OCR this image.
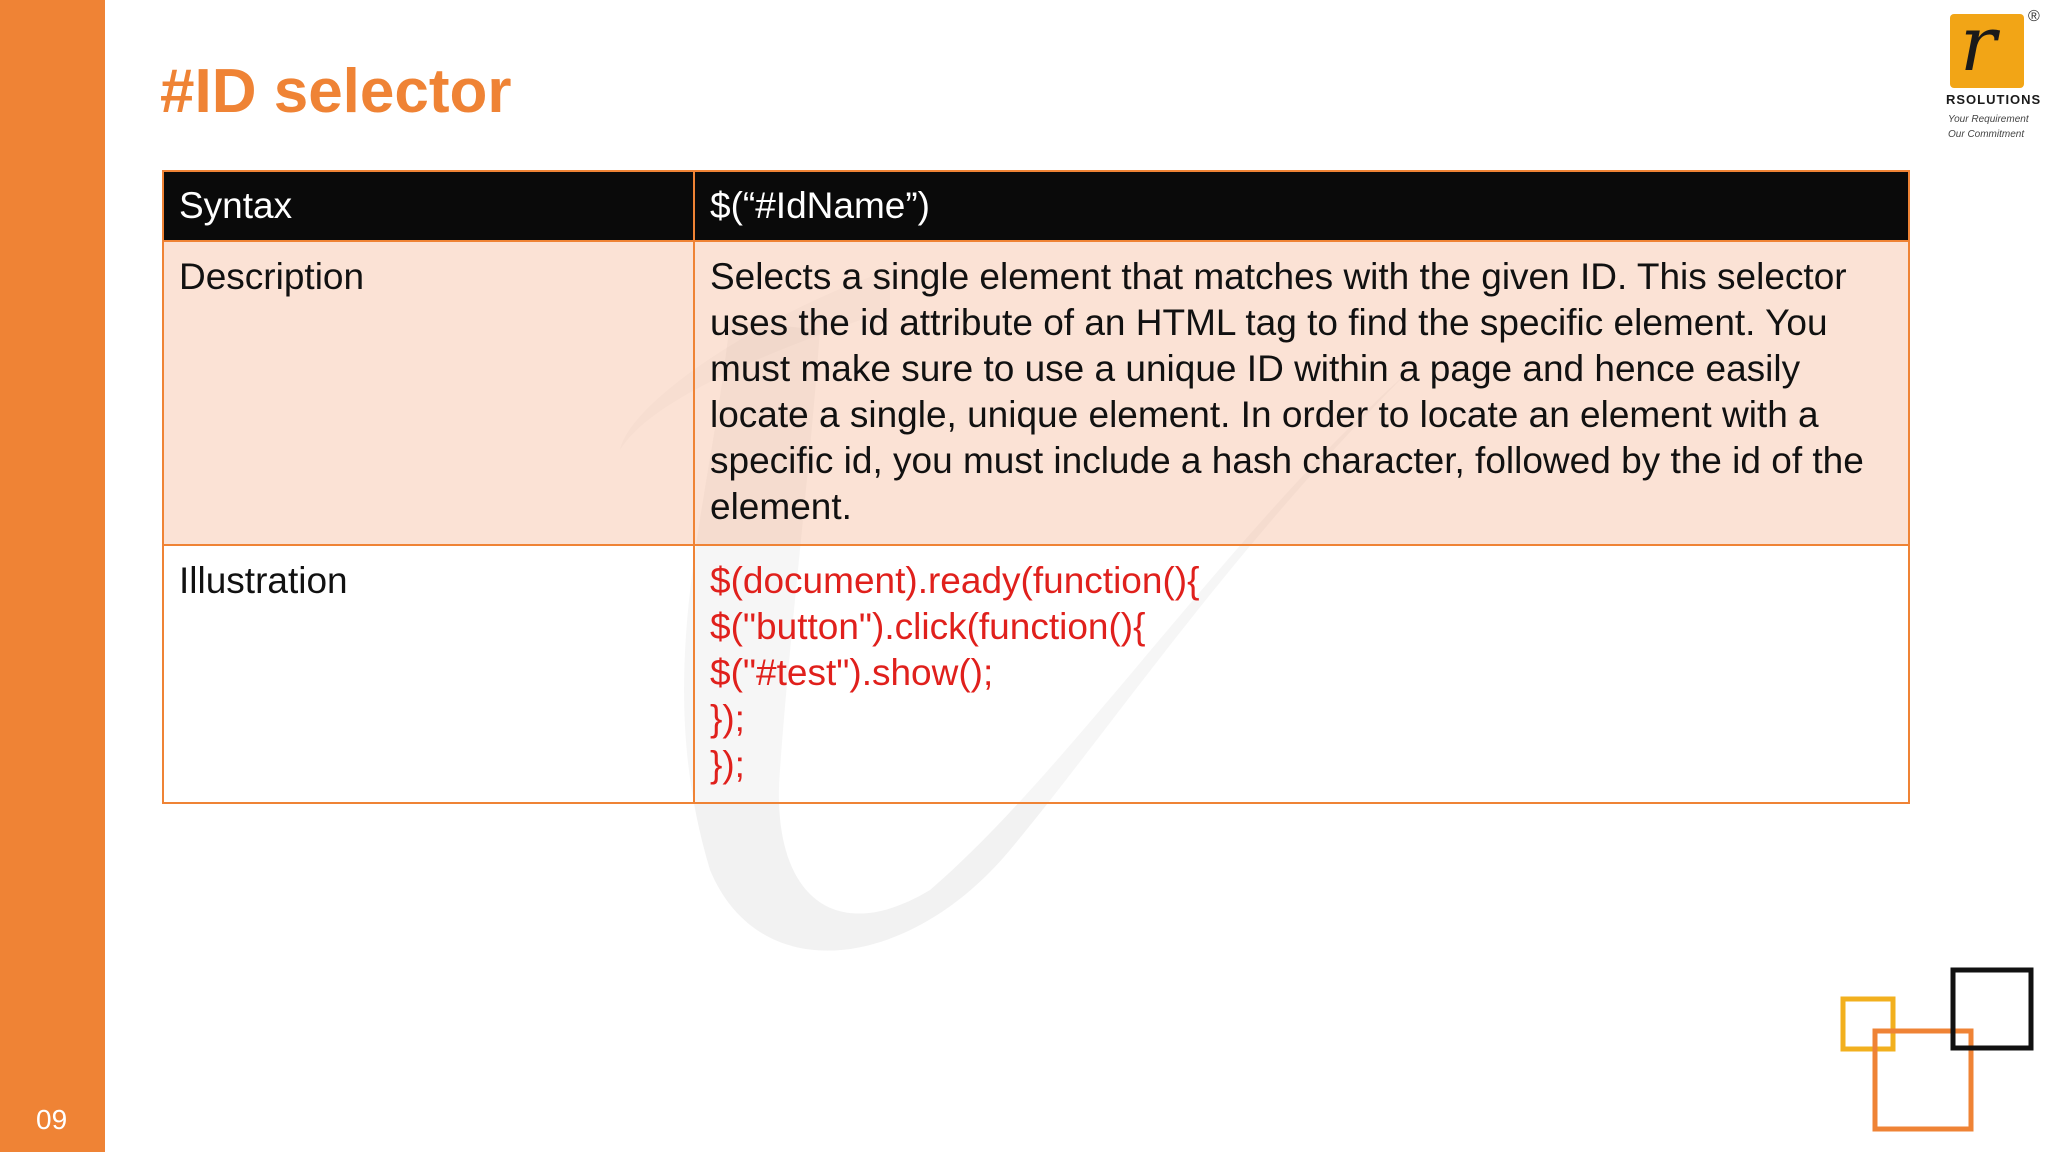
09
#ID selector
r ®
RSOLUTIONS
Your Requirement
Our Commitment
Syntax	$(“#IdName”)
Description	Selects a single element that matches with the given ID. This selector uses the id attribute of an HTML tag to find the specific element. You must make sure to use a unique ID within a page and hence easily locate a single, unique element. In order to locate an element with a specific id, you must include a hash character, followed by the id of the element.
Illustration	$(document).ready(function(){
$("button").click(function(){
$("#test").show();
});
});
